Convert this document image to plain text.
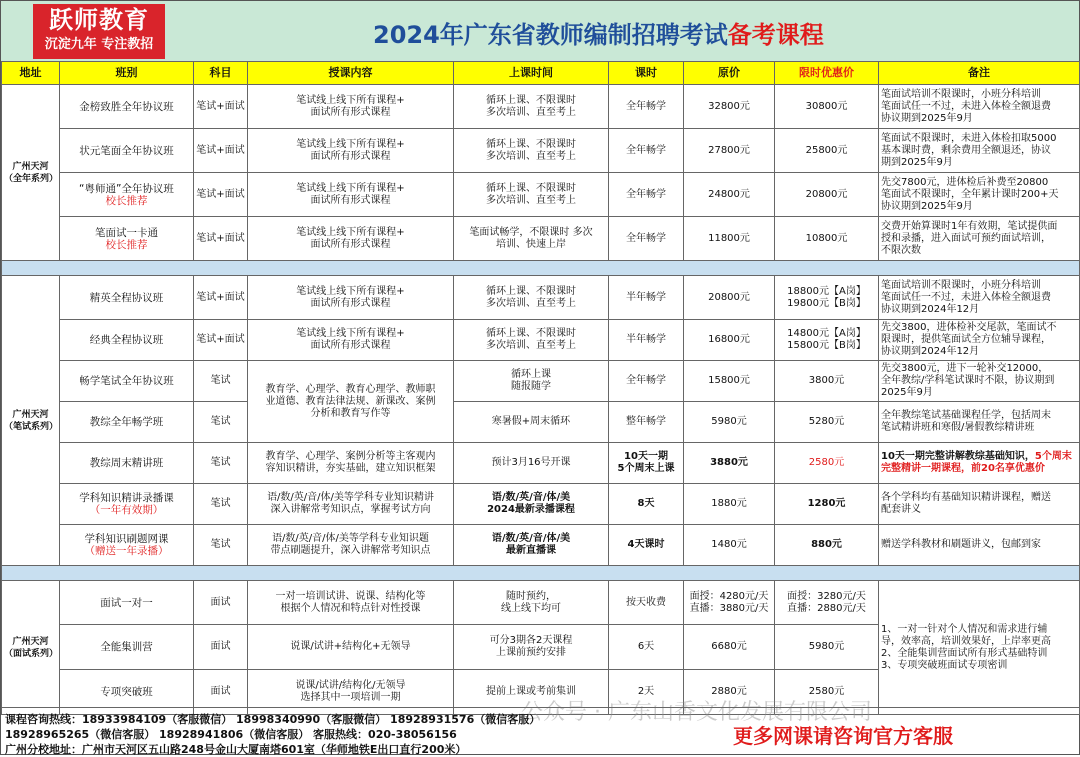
跃师教育
沉淀九年 专注教招	2024年广东省教师编制招聘考试备考课程
地址	班别	科目	授课内容	上课时间	课时	原价	限时优惠价	备注
广州天河
（全年系列）	金榜致胜全年协议班	笔试+面试	笔试线上线下所有课程+
面试所有形式课程	循环上课、不限课时
多次培训、直至考上	全年畅学	32800元	30800元	笔面试培训不限课时，小班分科培训
笔面试任一不过，未进入体检全额退费
协议期到2025年9月
	状元笔面全年协议班	笔试+面试	笔试线上线下所有课程+
面试所有形式课程	循环上课、不限课时
多次培训、直至考上	全年畅学	27800元	25800元	笔面试不限课时，未进入体检扣取5000
基本课时费，剩余费用全额退还，协议
期到2025年9月
	“粤师通”全年协议班
校长推荐	笔试+面试	笔试线上线下所有课程+
面试所有形式课程	循环上课、不限课时
多次培训、直至考上	全年畅学	24800元	20800元	先交7800元，进体检后补费至20800
笔面试不限课时，全年累计课时200+天
协议期到2025年9月
	笔面试一卡通
校长推荐	笔试+面试	笔试线上线下所有课程+
面试所有形式课程	笔面试畅学，不限课时 多次
培训、快速上岸	全年畅学	11800元	10800元	交费开始算课时1年有效期，笔试提供面
授和录播，进入面试可预约面试培训，
不限次数

广州天河
（笔试系列）	精英全程协议班	笔试+面试	笔试线上线下所有课程+
面试所有形式课程	循环上课、不限课时
多次培训、直至考上	半年畅学	20800元	18800元【A岗】
19800元【B岗】	笔面试培训不限课时，小班分科培训
笔面试任一不过，未进入体检全额退费
协议期到2024年12月
	经典全程协议班	笔试+面试	笔试线上线下所有课程+
面试所有形式课程	循环上课、不限课时
多次培训、直至考上	半年畅学	16800元	14800元【A岗】
15800元【B岗】	先交3800，进体检补交尾款，笔面试不
限课时，提供笔面试全方位辅导课程，
协议期到2024年12月
	畅学笔试全年协议班	笔试	教育学、心理学、教育心理学、教师职
业道德、教育法律法规、新课改、案例
分析和教育写作等	循环上课
随报随学	全年畅学	15800元	3800元	先交3800元，进下一轮补交12000，
全年教综/学科笔试课时不限，协议期到
2025年9月
	教综全年畅学班	笔试		寒暑假+周末循环	整年畅学	5980元	5280元	全年教综笔试基础课程任学，包括周末
笔试精讲班和寒假/暑假教综精讲班
	教综周末精讲班	笔试	教育学、心理学、案例分析等主客观内
容知识精讲，夯实基础，建立知识框架	预计3月16号开课	10天一期
5个周末上课	3880元	2580元	10天一期完整讲解教综基础知识，5个周末完整精讲一期课程，前20名享优惠价
	学科知识精讲录播课
（一年有效期）	笔试	语/数/英/音/体/美等学科专业知识精讲
深入讲解常考知识点，掌握考试方向	语/数/英/音/体/美
2024最新录播课程	8天	1880元	1280元	各个学科均有基础知识精讲课程，赠送
配套讲义
	学科知识刷题网课
（赠送一年录播）	笔试	语/数/英/音/体/美等学科专业知识题
带点刷题提升，深入讲解常考知识点	语/数/英/音/体/美
最新直播课	4天课时	1480元	880元	赠送学科教材和刷题讲义，包邮到家

广州天河
（面试系列）	面试一对一	面试	一对一培训试讲、说课、结构化等
根据个人情况和特点针对性授课	随时预约，
线上线下均可	按天收费	面授：4280元/天
直播：3880元/天	面授：3280元/天
直播：2880元/天	1、一对一针对个人情况和需求进行辅
导，效率高，培训效果好，上岸率更高
2、全能集训营面试所有形式基础特训
3、专项突破班面试专项密训
	全能集训营	面试	说课/试讲+结构化+无领导	可分3期各2天课程
上课前预约安排	6天	6680元	5980元	
	专项突破班	面试	说课/试讲/结构化/无领导
选择其中一项培训一期	提前上课或考前集训	2天	2880元	2580元	
公众号 · 广东山香文化发展有限公司
课程咨询热线：18933984109（客服微信） 18998340990（客服微信） 18928931576（微信客服）
18928965265（微信客服） 18928941806（微信客服） 客服热线：020-38056156
广州分校地址：广州市天河区五山路248号金山大厦南塔601室（华师地铁E出口直行200米）
更多网课请咨询官方客服
